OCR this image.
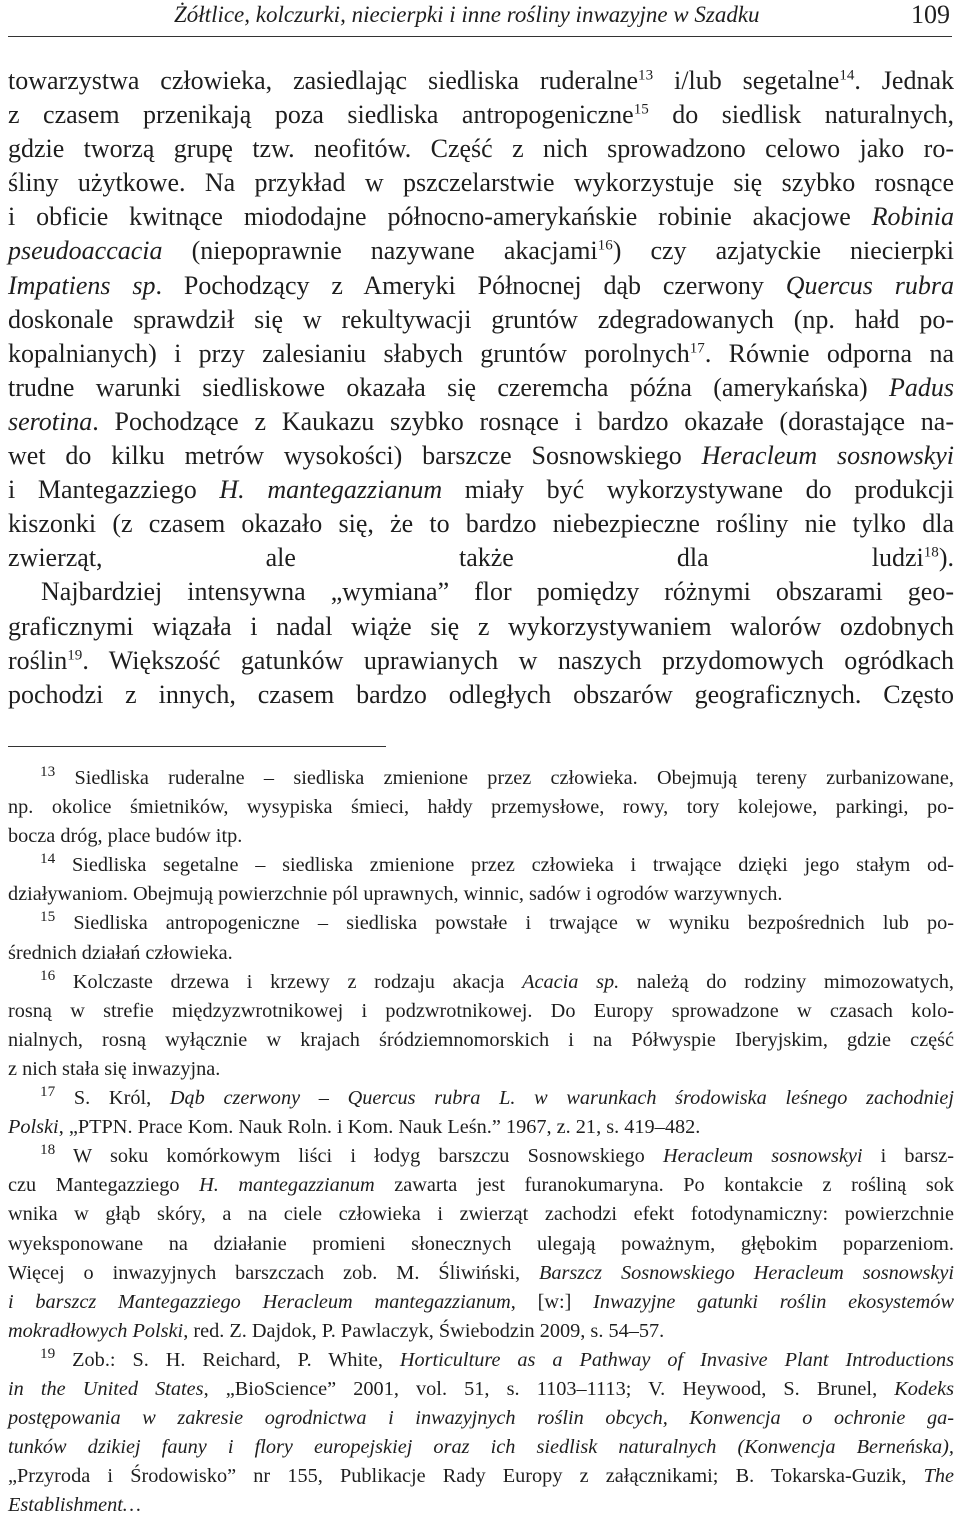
Żółtlice, kolczurki, niecierpki i inne rośliny inwazyjne w Szadku	109

towarzystwa człowieka, zasiedlając siedliska ruderalne$^{13}$ i/lub segetalne$^{14}$. Jednak
z czasem przenikają poza siedliska antropogeniczne$^{15}$ do siedlisk naturalnych,
gdzie tworzą grupę tzw. neofitów. Część z nich sprowadzono celowo jako ro-
śliny użytkowe. Na przykład w pszczelarstwie wykorzystuje się szybko rosnące
i obficie kwitnące miododajne północno-amerykańskie robinie akacjowe Robinia
pseudoaccacia (niepoprawnie nazywane akacjami$^{16}$) czy azjatyckie niecierpki
Impatiens sp. Pochodzący z Ameryki Północnej dąb czerwony Quercus rubra
doskonale sprawdził się w rekultywacji gruntów zdegradowanych (np. hałd po-
kopalnianych) i przy zalesianiu słabych gruntów porolnych$^{17}$. Równie odporna na
trudne warunki siedliskowe okazała się czeremcha późna (amerykańska) Padus
serotina. Pochodzące z Kaukazu szybko rosnące i bardzo okazałe (dorastające na-
wet do kilku metrów wysokości) barszcze Sosnowskiego Heracleum sosnowskyi
i Mantegazziego H. mantegazzianum miały być wykorzystywane do produkcji
kiszonki (z czasem okazało się, że to bardzo niebezpieczne rośliny nie tylko dla
zwierząt, ale także dla ludzi$^{18}$).

Najbardziej intensywna „wymiana” flor pomiędzy różnymi obszarami geo-
graficznymi wiązała i nadal wiąże się z wykorzystywaniem walorów ozdobnych
roślin$^{19}$. Większość gatunków uprawianych w naszych przydomowych ogródkach
pochodzi z innych, czasem bardzo odległych obszarów geograficznych. Często

$^{13}$ Siedliska ruderalne – siedliska zmienione przez człowieka. Obejmują tereny zurbanizowane,
np. okolice śmietników, wysypiska śmieci, hałdy przemysłowe, rowy, tory kolejowe, parkingi, po-
bocza dróg, place budów itp.
$^{14}$ Siedliska segetalne – siedliska zmienione przez człowieka i trwające dzięki jego stałym od-
działywaniom. Obejmują powierzchnie pól uprawnych, winnic, sadów i ogrodów warzywnych.
$^{15}$ Siedliska antropogeniczne – siedliska powstałe i trwające w wyniku bezpośrednich lub po-
średnich działań człowieka.
$^{16}$ Kolczaste drzewa i krzewy z rodzaju akacja Acacia sp. należą do rodziny mimozowatych,
rosną w strefie międzyzwrotnikowej i podzwrotnikowej. Do Europy sprowadzone w czasach kolo-
nialnych, rosną wyłącznie w krajach śródziemnomorskich i na Półwyspie Iberyjskim, gdzie część
z nich stała się inwazyjna.
$^{17}$ S. Król, Dąb czerwony – Quercus rubra L. w warunkach środowiska leśnego zachodniej
Polski, „PTPN. Prace Kom. Nauk Roln. i Kom. Nauk Leśn.” 1967, z. 21, s. 419–482.
$^{18}$ W soku komórkowym liści i łodyg barszczu Sosnowskiego Heracleum sosnowskyi i barsz-
czu Mantegazziego H. mantegazzianum zawarta jest furanokumaryna. Po kontakcie z rośliną sok
wnika w głąb skóry, a na ciele człowieka i zwierząt zachodzi efekt fotodynamiczny: powierzchnie
wyeksponowane na działanie promieni słonecznych ulegają poważnym, głębokim poparzeniom.
Więcej o inwazyjnych barszczach zob. M. Śliwiński, Barszcz Sosnowskiego Heracleum sosnowskyi
i barszcz Mantegazziego Heracleum mantegazzianum, [w:] Inwazyjne gatunki roślin ekosystemów
mokradłowych Polski, red. Z. Dajdok, P. Pawlaczyk, Świebodzin 2009, s. 54–57.
$^{19}$ Zob.: S. H. Reichard, P. White, Horticulture as a Pathway of Invasive Plant Introductions
in the United States, „BioScience” 2001, vol. 51, s. 1103–1113; V. Heywood, S. Brunel, Kodeks
postępowania w zakresie ogrodnictwa i inwazyjnych roślin obcych, Konwencja o ochronie ga-
tunków dzikiej fauny i flory europejskiej oraz ich siedlisk naturalnych (Konwencja Berneńska),
„Przyroda i Środowisko” nr 155, Publikacje Rady Europy z załącznikami; B. Tokarska-Guzik, The
Establishment…
